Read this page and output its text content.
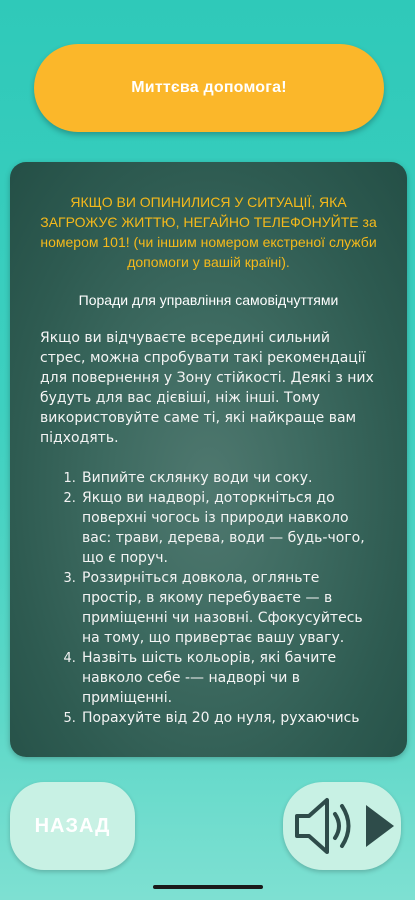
Миттєва допомога!

ЯКЩО ВИ ОПИНИЛИСЯ У СИТУАЦІЇ, ЯКА ЗАГРОЖУЄ ЖИТТЮ, НЕГАЙНО ТЕЛЕФОНУЙТЕ за номером 101! (чи іншим номером екстреної служби допомоги у вашій країні).

Поради для управління самовідчуттями

Якщо ви відчуваєте всередині сильний стрес, можна спробувати такі рекомендації для повернення у Зону стійкості. Деякі з них будуть для вас дієвіші, ніж інші. Тому використовуйте саме ті, які найкраще вам підходять.

1. Випийте склянку води чи соку.
2. Якщо ви надворі, доторкніться до поверхні чогось із природи навколо вас: трави, дерева, води — будь-чого, що є поруч.
3. Роззирніться довкола, огляньте простір, в якому перебуваєте — в приміщенні чи назовні. Сфокусуйтесь на тому, що привертає вашу увагу.
4. Назвіть шість кольорів, які бачите навколо себе -— надворі чи в приміщенні.
5. Порахуйте від 20 до нуля, рухаючись
НАЗАД
